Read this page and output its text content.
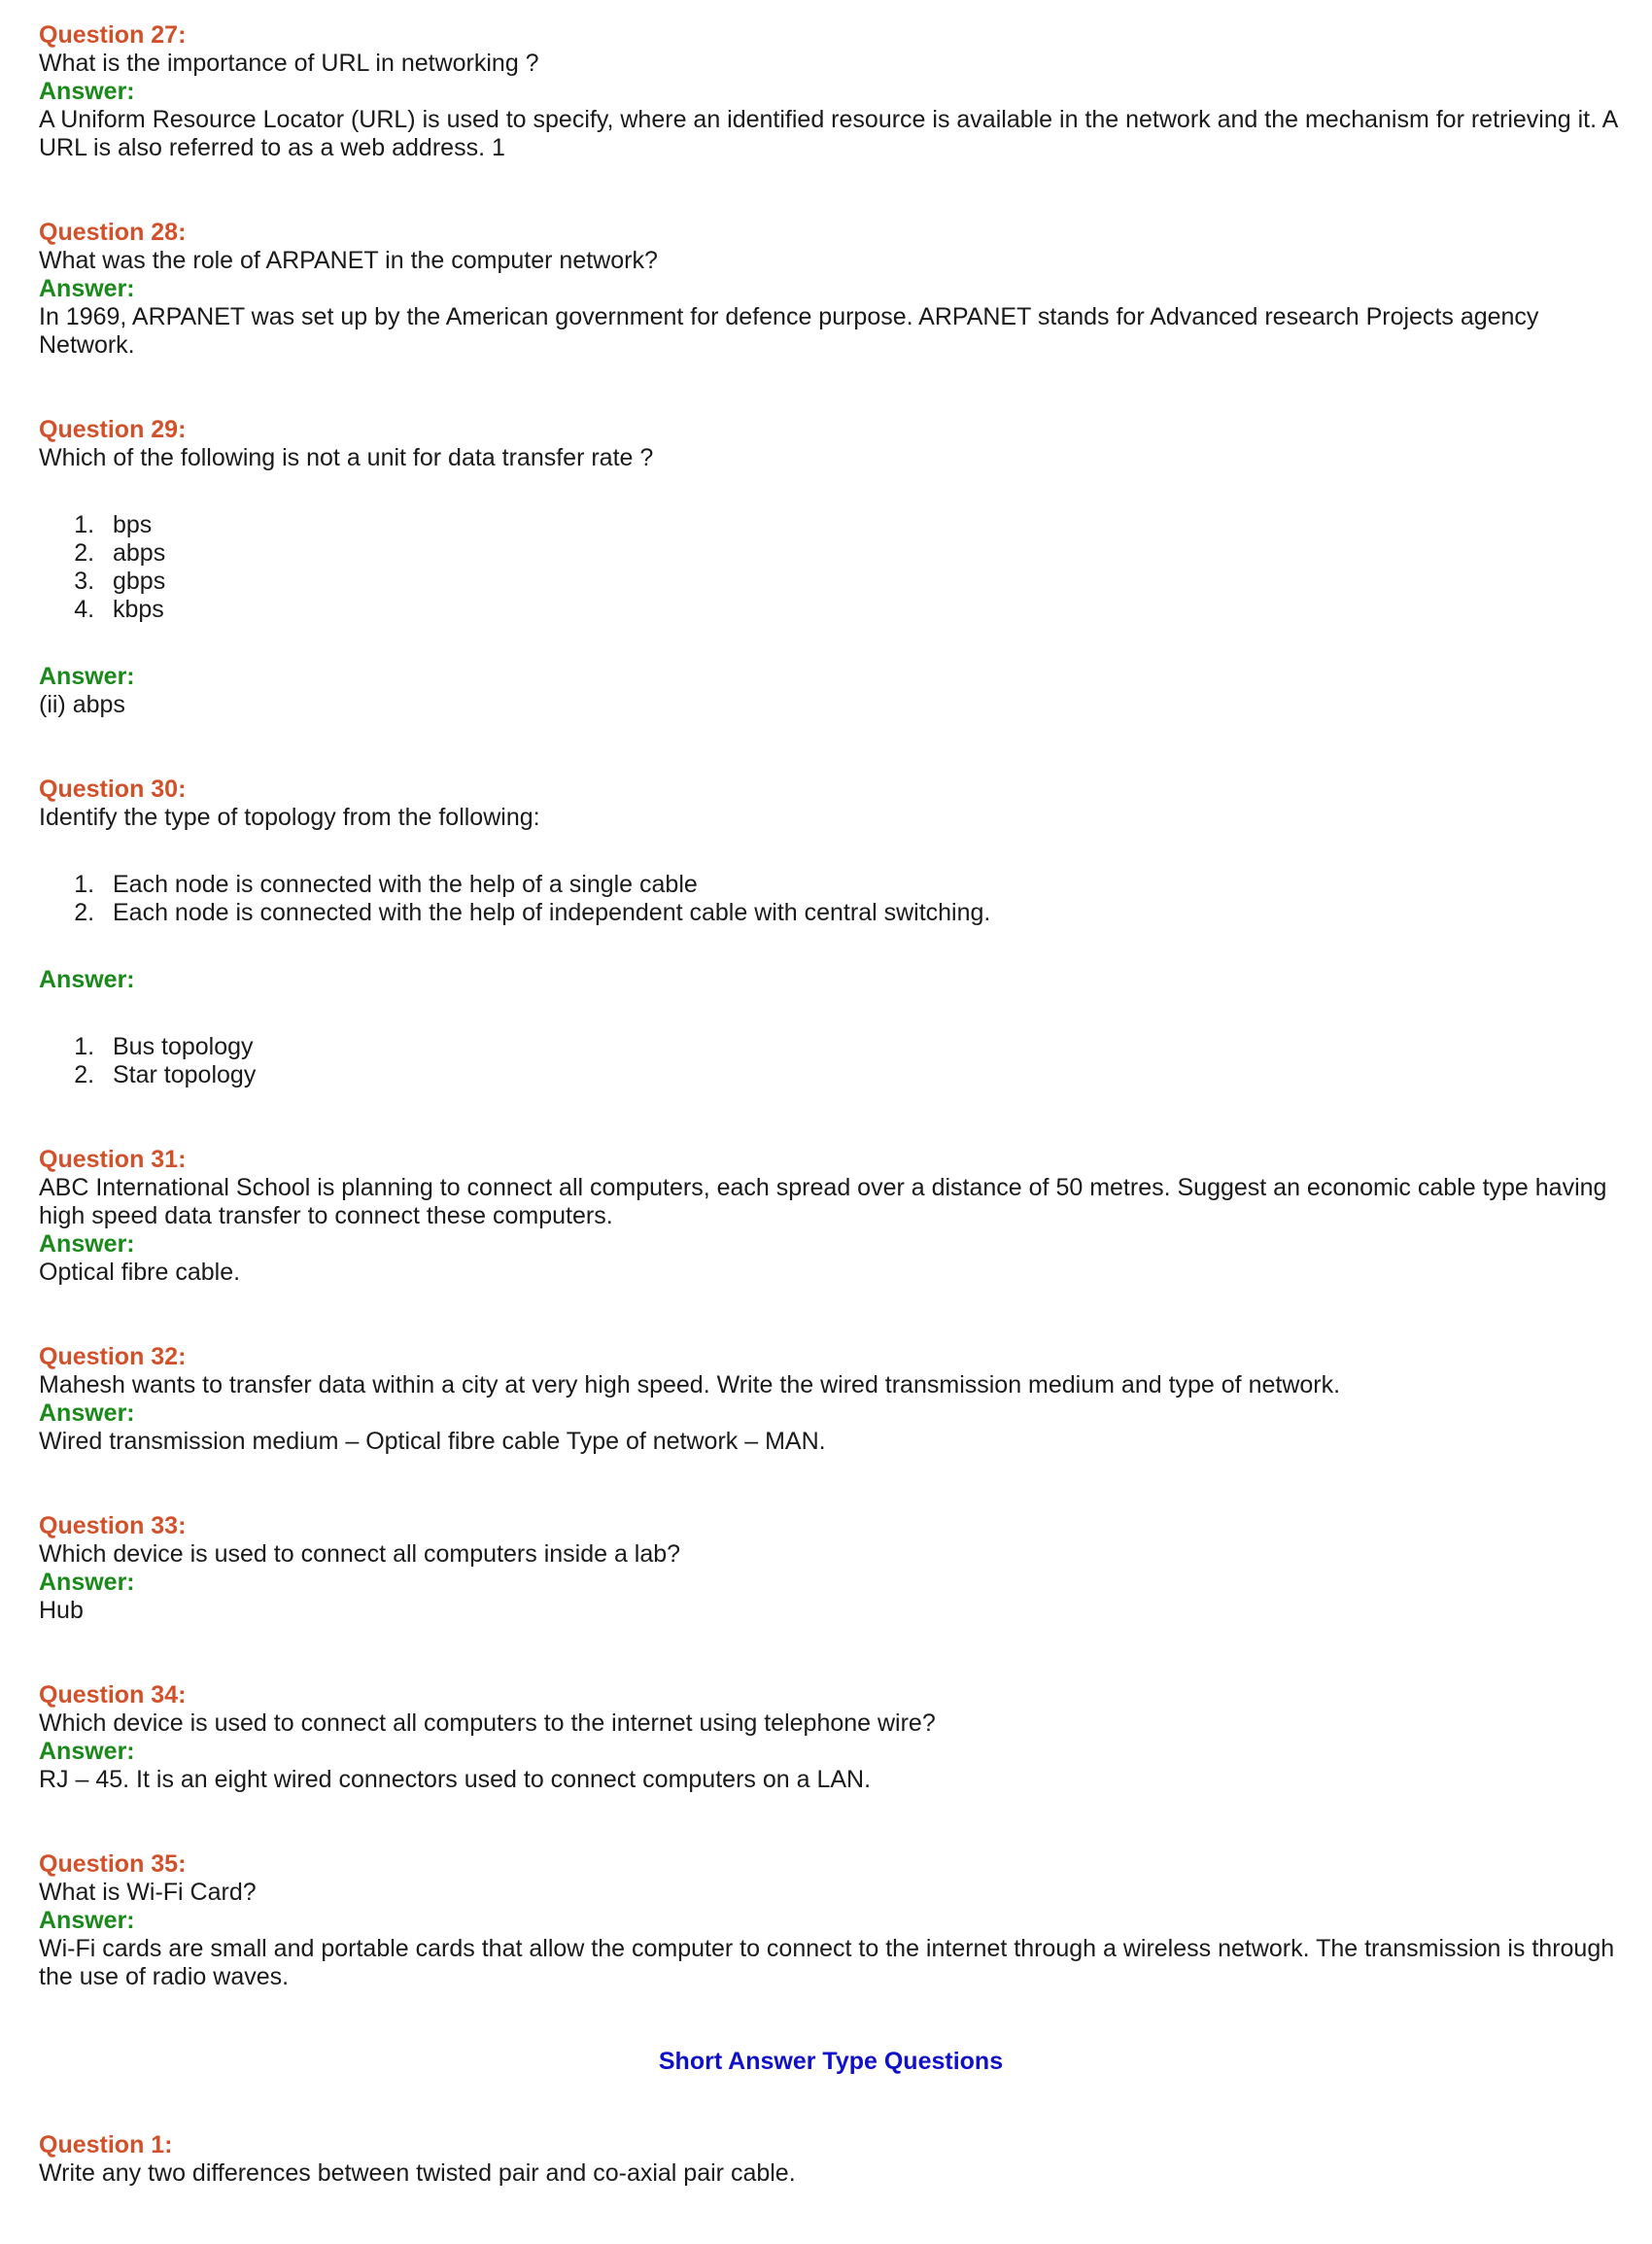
Question 27:
What is the importance of URL in networking ?
Answer:
A Uniform Resource Locator (URL) is used to specify, where an identified resource is available in the network and the mechanism for retrieving it. A URL is also referred to as a web address. 1
Question 28:
What was the role of ARPANET in the computer network?
Answer:
In 1969, ARPANET was set up by the American government for defence purpose. ARPANET stands for Advanced research Projects agency Network.
Question 29:
Which of the following is not a unit for data transfer rate ?
1. bps
2. abps
3. gbps
4. kbps
Answer:
(ii) abps
Question 30:
Identify the type of topology from the following:
1. Each node is connected with the help of a single cable
2. Each node is connected with the help of independent cable with central switching.
Answer:
1. Bus topology
2. Star topology
Question 31:
ABC International School is planning to connect all computers, each spread over a distance of 50 metres. Suggest an economic cable type having high speed data transfer to connect these computers.
Answer:
Optical fibre cable.
Question 32:
Mahesh wants to transfer data within a city at very high speed. Write the wired transmission medium and type of network.
Answer:
Wired transmission medium – Optical fibre cable Type of network – MAN.
Question 33:
Which device is used to connect all computers inside a lab?
Answer:
Hub
Question 34:
Which device is used to connect all computers to the internet using telephone wire?
Answer:
RJ – 45. It is an eight wired connectors used to connect computers on a LAN.
Question 35:
What is Wi-Fi Card?
Answer:
Wi-Fi cards are small and portable cards that allow the computer to connect to the internet through a wireless network. The transmission is through the use of radio waves.
Short Answer Type Questions
Question 1:
Write any two differences between twisted pair and co-axial pair cable.
